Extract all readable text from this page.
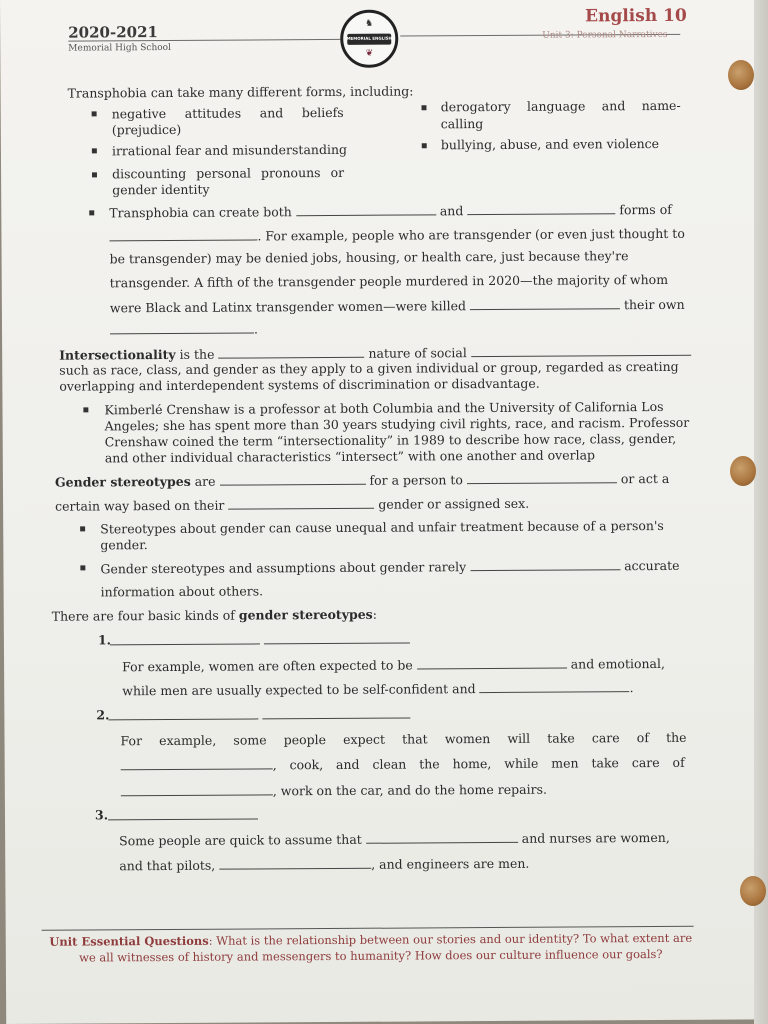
2020-2021
Memorial High School
♞
MEMORIAL ENGLISH
❦
English 10
Unit 3: Personal Narratives
Transphobia can take many different forms, including:
▪ negative attitudes and beliefs
(prejudice)
▪ irrational fear and misunderstanding
▪ discounting personal pronouns or
gender identity
▪ derogatory language and name-
calling
▪ bullying, abuse, and even violence
▪ Transphobia can create both	and	forms of
. For example, people who are transgender (or even just thought to
be transgender) may be denied jobs, housing, or health care, just because they're
transgender. A fifth of the transgender people murdered in 2020—the majority of whom
were Black and Latinx transgender women—were killed	their own
.
Intersectionality is the	nature of social
such as race, class, and gender as they apply to a given individual or group, regarded as creating
overlapping and interdependent systems of discrimination or disadvantage.
▪ Kimberlé Crenshaw is a professor at both Columbia and the University of California Los
Angeles; she has spent more than 30 years studying civil rights, race, and racism. Professor
Crenshaw coined the term “intersectionality” in 1989 to describe how race, class, gender,
and other individual characteristics “intersect” with one another and overlap
Gender stereotypes are	for a person to	or act a
certain way based on their	gender or assigned sex.
▪ Stereotypes about gender can cause unequal and unfair treatment because of a person's
gender.
▪ Gender stereotypes and assumptions about gender rarely	accurate
information about others.
There are four basic kinds of gender stereotypes:
1.

For example, women are often expected to be	and emotional,
while men are usually expected to be self-confident and	.
2.

For example, some people expect that women will take care of the
, cook, and clean the home, while men take care of
, work on the car, and do the home repairs.
3.
Some people are quick to assume that	and nurses are women,
and that pilots,	, and engineers are men.
Unit Essential Questions: What is the relationship between our stories and our identity? To what extent are
we all witnesses of history and messengers to humanity? How does our culture influence our goals?
